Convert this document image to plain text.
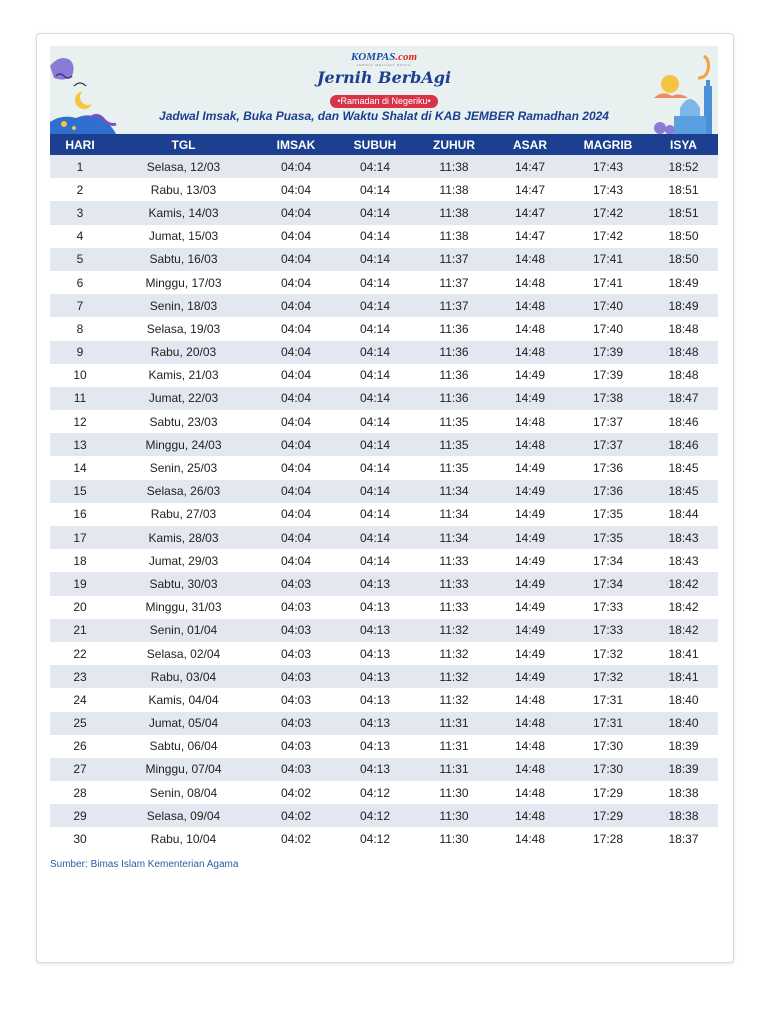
KOMPAS.com
JERNIH MELIHAT DUNIA
Jernih BerbAgi
•Ramadan di Negeriku•
Jadwal Imsak, Buka Puasa, dan Waktu Shalat di KAB JEMBER Ramadhan 2024
HARI	TGL	IMSAK	SUBUH	ZUHUR	ASAR	MAGRIB	ISYA
1	Selasa, 12/03	04:04	04:14	11:38	14:47	17:43	18:52
2	Rabu, 13/03	04:04	04:14	11:38	14:47	17:43	18:51
3	Kamis, 14/03	04:04	04:14	11:38	14:47	17:42	18:51
4	Jumat, 15/03	04:04	04:14	11:38	14:47	17:42	18:50
5	Sabtu, 16/03	04:04	04:14	11:37	14:48	17:41	18:50
6	Minggu, 17/03	04:04	04:14	11:37	14:48	17:41	18:49
7	Senin, 18/03	04:04	04:14	11:37	14:48	17:40	18:49
8	Selasa, 19/03	04:04	04:14	11:36	14:48	17:40	18:48
9	Rabu, 20/03	04:04	04:14	11:36	14:48	17:39	18:48
10	Kamis, 21/03	04:04	04:14	11:36	14:49	17:39	18:48
11	Jumat, 22/03	04:04	04:14	11:36	14:49	17:38	18:47
12	Sabtu, 23/03	04:04	04:14	11:35	14:48	17:37	18:46
13	Minggu, 24/03	04:04	04:14	11:35	14:48	17:37	18:46
14	Senin, 25/03	04:04	04:14	11:35	14:49	17:36	18:45
15	Selasa, 26/03	04:04	04:14	11:34	14:49	17:36	18:45
16	Rabu, 27/03	04:04	04:14	11:34	14:49	17:35	18:44
17	Kamis, 28/03	04:04	04:14	11:34	14:49	17:35	18:43
18	Jumat, 29/03	04:04	04:14	11:33	14:49	17:34	18:43
19	Sabtu, 30/03	04:03	04:13	11:33	14:49	17:34	18:42
20	Minggu, 31/03	04:03	04:13	11:33	14:49	17:33	18:42
21	Senin, 01/04	04:03	04:13	11:32	14:49	17:33	18:42
22	Selasa, 02/04	04:03	04:13	11:32	14:49	17:32	18:41
23	Rabu, 03/04	04:03	04:13	11:32	14:49	17:32	18:41
24	Kamis, 04/04	04:03	04:13	11:32	14:48	17:31	18:40
25	Jumat, 05/04	04:03	04:13	11:31	14:48	17:31	18:40
26	Sabtu, 06/04	04:03	04:13	11:31	14:48	17:30	18:39
27	Minggu, 07/04	04:03	04:13	11:31	14:48	17:30	18:39
28	Senin, 08/04	04:02	04:12	11:30	14:48	17:29	18:38
29	Selasa, 09/04	04:02	04:12	11:30	14:48	17:29	18:38
30	Rabu, 10/04	04:02	04:12	11:30	14:48	17:28	18:37
Sumber: Bimas Islam Kementerian Agama
